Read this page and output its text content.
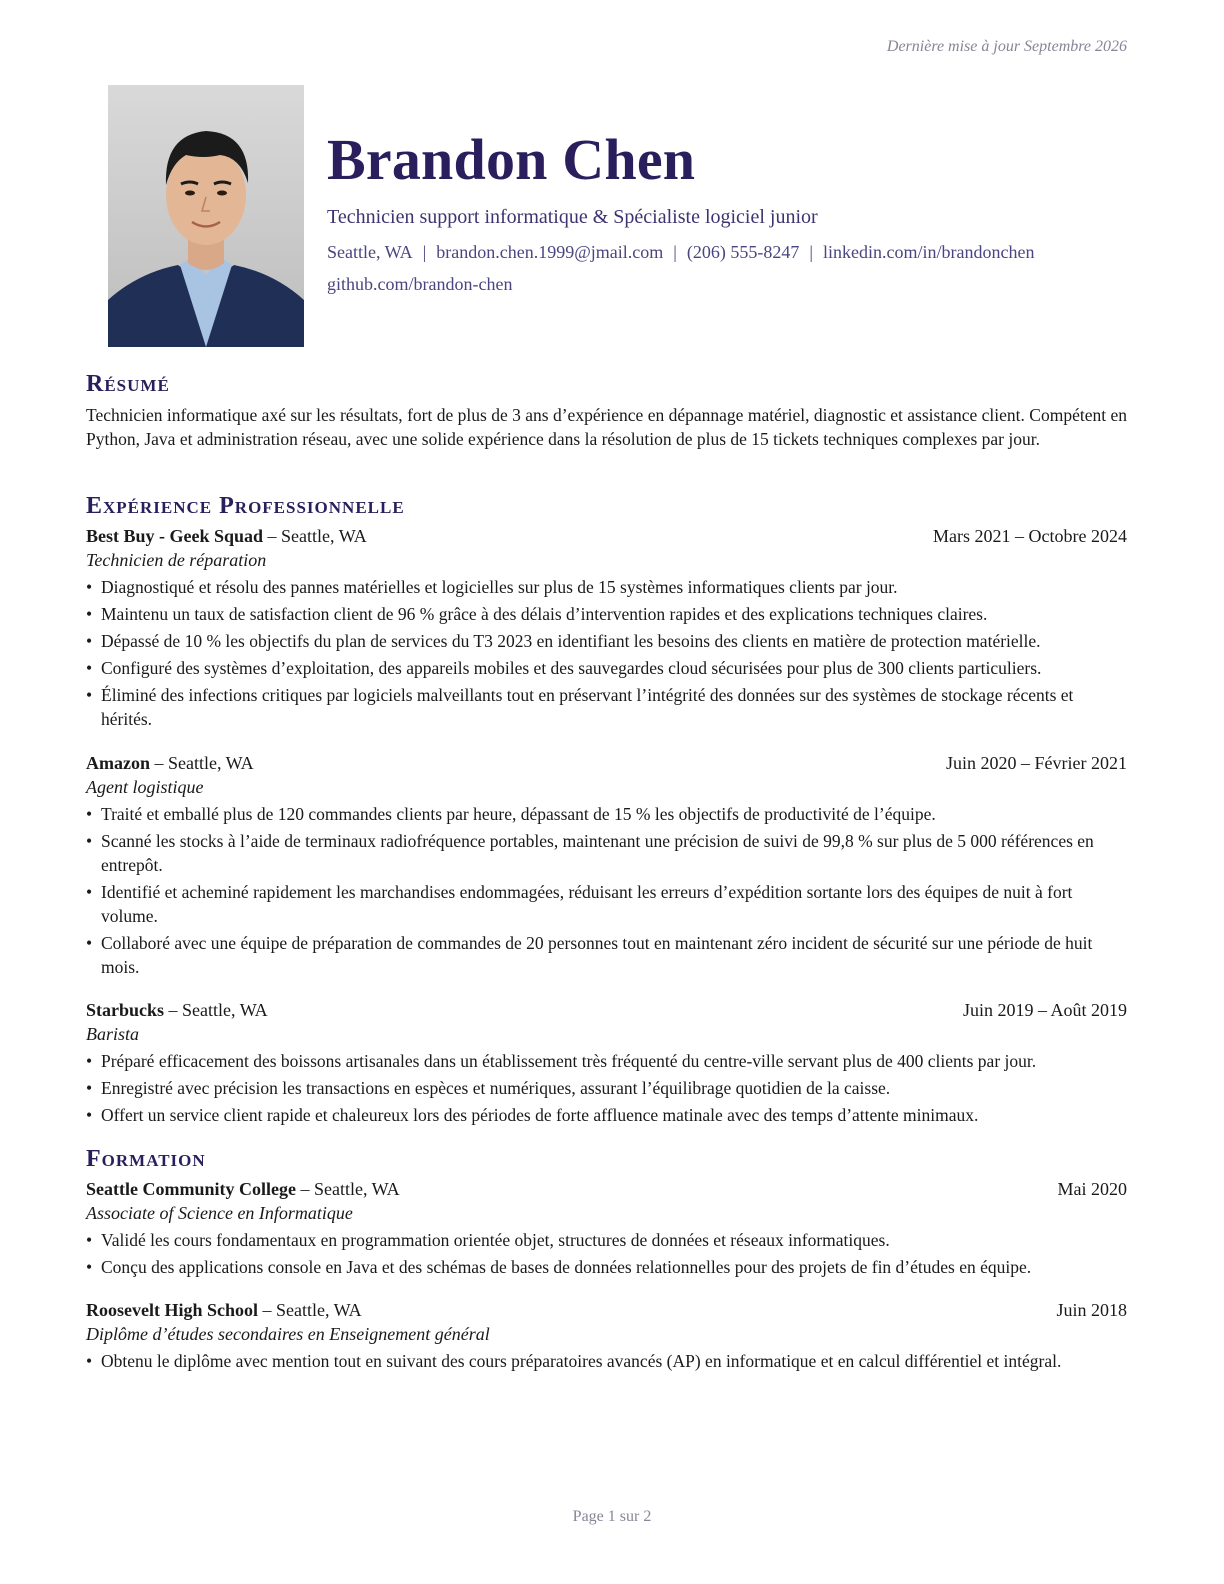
Dernière mise à jour Septembre 2026
Brandon Chen
Technicien support informatique & Spécialiste logiciel junior
Seattle, WA | brandon.chen.1999@jmail.com | (206) 555-8247 | linkedin.com/in/brandonchen
github.com/brandon-chen
Résumé
Technicien informatique axé sur les résultats, fort de plus de 3 ans d’expérience en dépannage matériel, diagnostic et assistance client. Compétent en Python, Java et administration réseau, avec une solide expérience dans la résolution de plus de 15 tickets techniques complexes par jour.
Expérience Professionnelle
Best Buy - Geek Squad – Seattle, WA	Mars 2021 – Octobre 2024
Technicien de réparation
• Diagnostiqué et résolu des pannes matérielles et logicielles sur plus de 15 systèmes informatiques clients par jour.
• Maintenu un taux de satisfaction client de 96 % grâce à des délais d’intervention rapides et des explications techniques claires.
• Dépassé de 10 % les objectifs du plan de services du T3 2023 en identifiant les besoins des clients en matière de protection matérielle.
• Configuré des systèmes d’exploitation, des appareils mobiles et des sauvegardes cloud sécurisées pour plus de 300 clients particuliers.
• Éliminé des infections critiques par logiciels malveillants tout en préservant l’intégrité des données sur des systèmes de stockage récents et hérités.
Amazon – Seattle, WA	Juin 2020 – Février 2021
Agent logistique
• Traité et emballé plus de 120 commandes clients par heure, dépassant de 15 % les objectifs de productivité de l’équipe.
• Scanné les stocks à l’aide de terminaux radiofréquence portables, maintenant une précision de suivi de 99,8 % sur plus de 5 000 références en entrepôt.
• Identifié et acheminé rapidement les marchandises endommagées, réduisant les erreurs d’expédition sortante lors des équipes de nuit à fort volume.
• Collaboré avec une équipe de préparation de commandes de 20 personnes tout en maintenant zéro incident de sécurité sur une période de huit mois.
Starbucks – Seattle, WA	Juin 2019 – Août 2019
Barista
• Préparé efficacement des boissons artisanales dans un établissement très fréquenté du centre-ville servant plus de 400 clients par jour.
• Enregistré avec précision les transactions en espèces et numériques, assurant l’équilibrage quotidien de la caisse.
• Offert un service client rapide et chaleureux lors des périodes de forte affluence matinale avec des temps d’attente minimaux.
Formation
Seattle Community College – Seattle, WA	Mai 2020
Associate of Science en Informatique
• Validé les cours fondamentaux en programmation orientée objet, structures de données et réseaux informatiques.
• Conçu des applications console en Java et des schémas de bases de données relationnelles pour des projets de fin d’études en équipe.
Roosevelt High School – Seattle, WA	Juin 2018
Diplôme d’études secondaires en Enseignement général
• Obtenu le diplôme avec mention tout en suivant des cours préparatoires avancés (AP) en informatique et en calcul différentiel et intégral.
Page 1 sur 2
